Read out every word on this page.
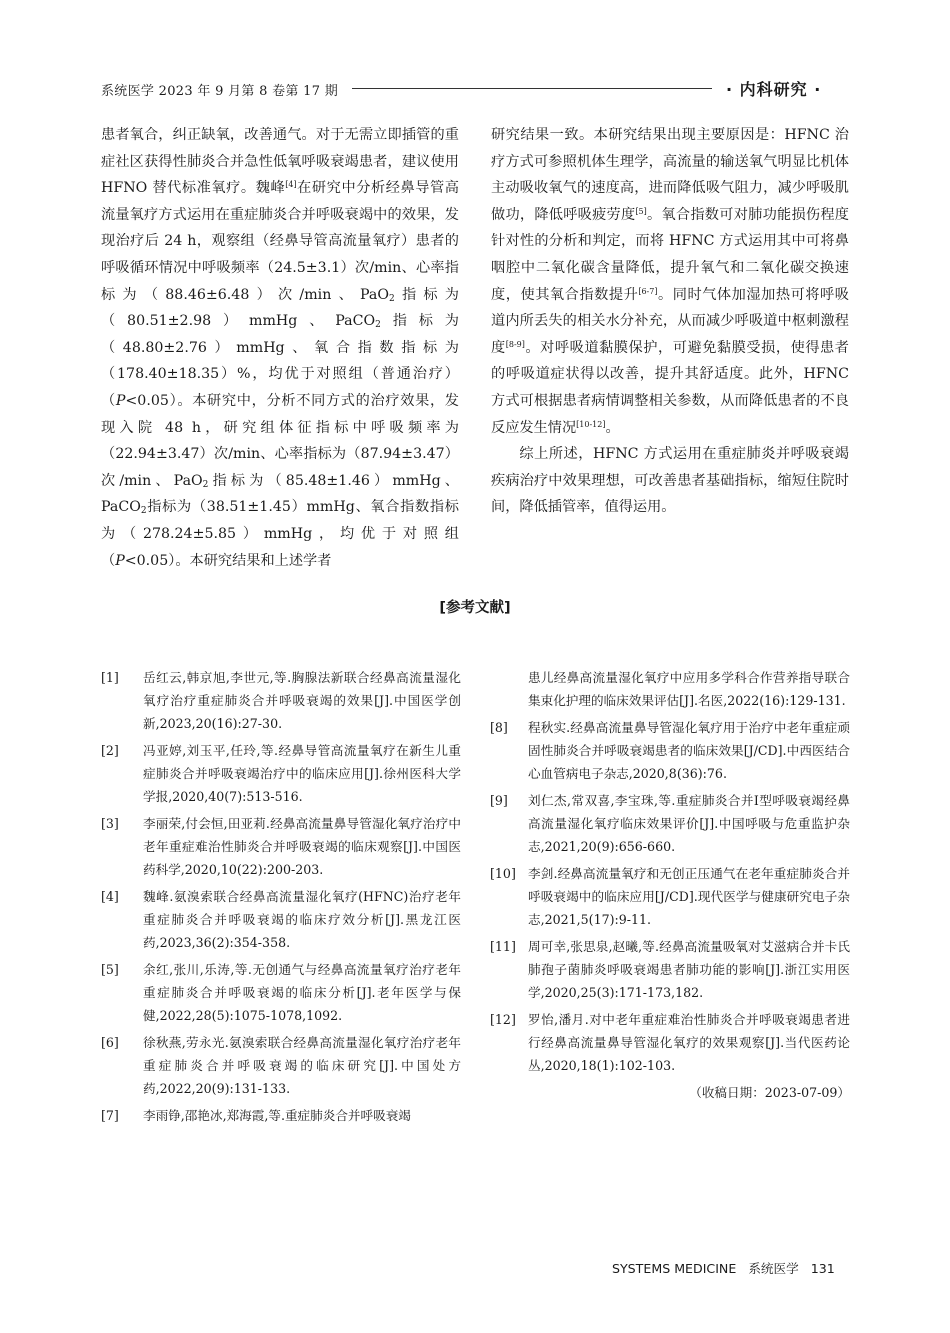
系统医学 2023 年 9 月第 8 卷第 17 期	· 内科研究 ·

患者氧合，纠正缺氧，改善通气。对于无需立即插管的重症社区获得性肺炎合并急性低氧呼吸衰竭患者，建议使用 HFNO 替代标准氧疗。魏峰[4]在研究中分析经鼻导管高流量氧疗方式运用在重症肺炎合并呼吸衰竭中的效果，发现治疗后 24 h，观察组（经鼻导管高流量氧疗）患者的呼吸循环情况中呼吸频率（24.5±3.1）次/min、心率指标为（88.46±6.48）次/min、PaO$_2$指标为（80.51±2.98）mmHg、PaCO$_2$指标为（48.80±2.76）mmHg、氧合指数指标为（178.40±18.35）%，均优于对照组（普通治疗）（P<0.05）。本研究中，分析不同方式的治疗效果，发现入院 48 h，研究组体征指标中呼吸频率为（22.94±3.47）次/min、心率指标为（87.94±3.47）次/min、PaO$_2$指标为（85.48±1.46）mmHg、PaCO$_2$指标为（38.51±1.45）mmHg、氧合指数指标为（278.24±5.85）mmHg，均优于对照组（P<0.05）。本研究结果和上述学者

研究结果一致。本研究结果出现主要原因是：HFNC 治疗方式可参照机体生理学，高流量的输送氧气明显比机体主动吸收氧气的速度高，进而降低吸气阻力，减少呼吸肌做功，降低呼吸疲劳度[5]。氧合指数可对肺功能损伤程度针对性的分析和判定，而将 HFNC 方式运用其中可将鼻咽腔中二氧化碳含量降低，提升氧气和二氧化碳交换速度，使其氧合指数提升[6-7]。同时气体加湿加热可将呼吸道内所丢失的相关水分补充，从而减少呼吸道中枢刺激程度[8-9]。对呼吸道黏膜保护，可避免黏膜受损，使得患者的呼吸道症状得以改善，提升其舒适度。此外，HFNC 方式可根据患者病情调整相关参数，从而降低患者的不良反应发生情况[10-12]。

综上所述，HFNC 方式运用在重症肺炎并呼吸衰竭疾病治疗中效果理想，可改善患者基础指标，缩短住院时间，降低插管率，值得运用。

[参考文献]
[1] 岳红云,韩京旭,李世元,等.胸腺法新联合经鼻高流量湿化氧疗治疗重症肺炎合并呼吸衰竭的效果[J].中国医学创新,2023,20(16):27-30.
[2] 冯亚婷,刘玉平,任玲,等.经鼻导管高流量氧疗在新生儿重症肺炎合并呼吸衰竭治疗中的临床应用[J].徐州医科大学学报,2020,40(7):513-516.
[3] 李丽荣,付会恒,田亚莉.经鼻高流量鼻导管湿化氧疗治疗中老年重症难治性肺炎合并呼吸衰竭的临床观察[J].中国医药科学,2020,10(22):200-203.
[4] 魏峰.氨溴索联合经鼻高流量湿化氧疗(HFNC)治疗老年重症肺炎合并呼吸衰竭的临床疗效分析[J].黑龙江医药,2023,36(2):354-358.
[5] 余红,张川,乐涛,等.无创通气与经鼻高流量氧疗治疗老年重症肺炎合并呼吸衰竭的临床分析[J].老年医学与保健,2022,28(5):1075-1078,1092.
[6] 徐秋燕,劳永光.氨溴索联合经鼻高流量湿化氧疗治疗老年重症肺炎合并呼吸衰竭的临床研究[J].中国处方药,2022,20(9):131-133.
[7] 李雨铮,邵艳冰,郑海霞,等.重症肺炎合并呼吸衰竭
患儿经鼻高流量湿化氧疗中应用多学科合作营养指导联合集束化护理的临床效果评估[J].名医,2022(16):129-131.
[8] 程秋实.经鼻高流量鼻导管湿化氧疗用于治疗中老年重症顽固性肺炎合并呼吸衰竭患者的临床效果[J/CD].中西医结合心血管病电子杂志,2020,8(36):76.
[9] 刘仁杰,常双喜,李宝珠,等.重症肺炎合并Ⅰ型呼吸衰竭经鼻高流量湿化氧疗临床效果评价[J].中国呼吸与危重监护杂志,2021,20(9):656-660.
[10] 李剑.经鼻高流量氧疗和无创正压通气在老年重症肺炎合并呼吸衰竭中的临床应用[J/CD].现代医学与健康研究电子杂志,2021,5(17):9-11.
[11] 周可幸,张思泉,赵曦,等.经鼻高流量吸氧对艾滋病合并卡氏肺孢子菌肺炎呼吸衰竭患者肺功能的影响[J].浙江实用医学,2020,25(3):171-173,182.
[12] 罗怡,潘月.对中老年重症难治性肺炎合并呼吸衰竭患者进行经鼻高流量鼻导管湿化氧疗的效果观察[J].当代医药论丛,2020,18(1):102-103.
（收稿日期：2023-07-09）
SYSTEMS MEDICINE 系统医学 131
